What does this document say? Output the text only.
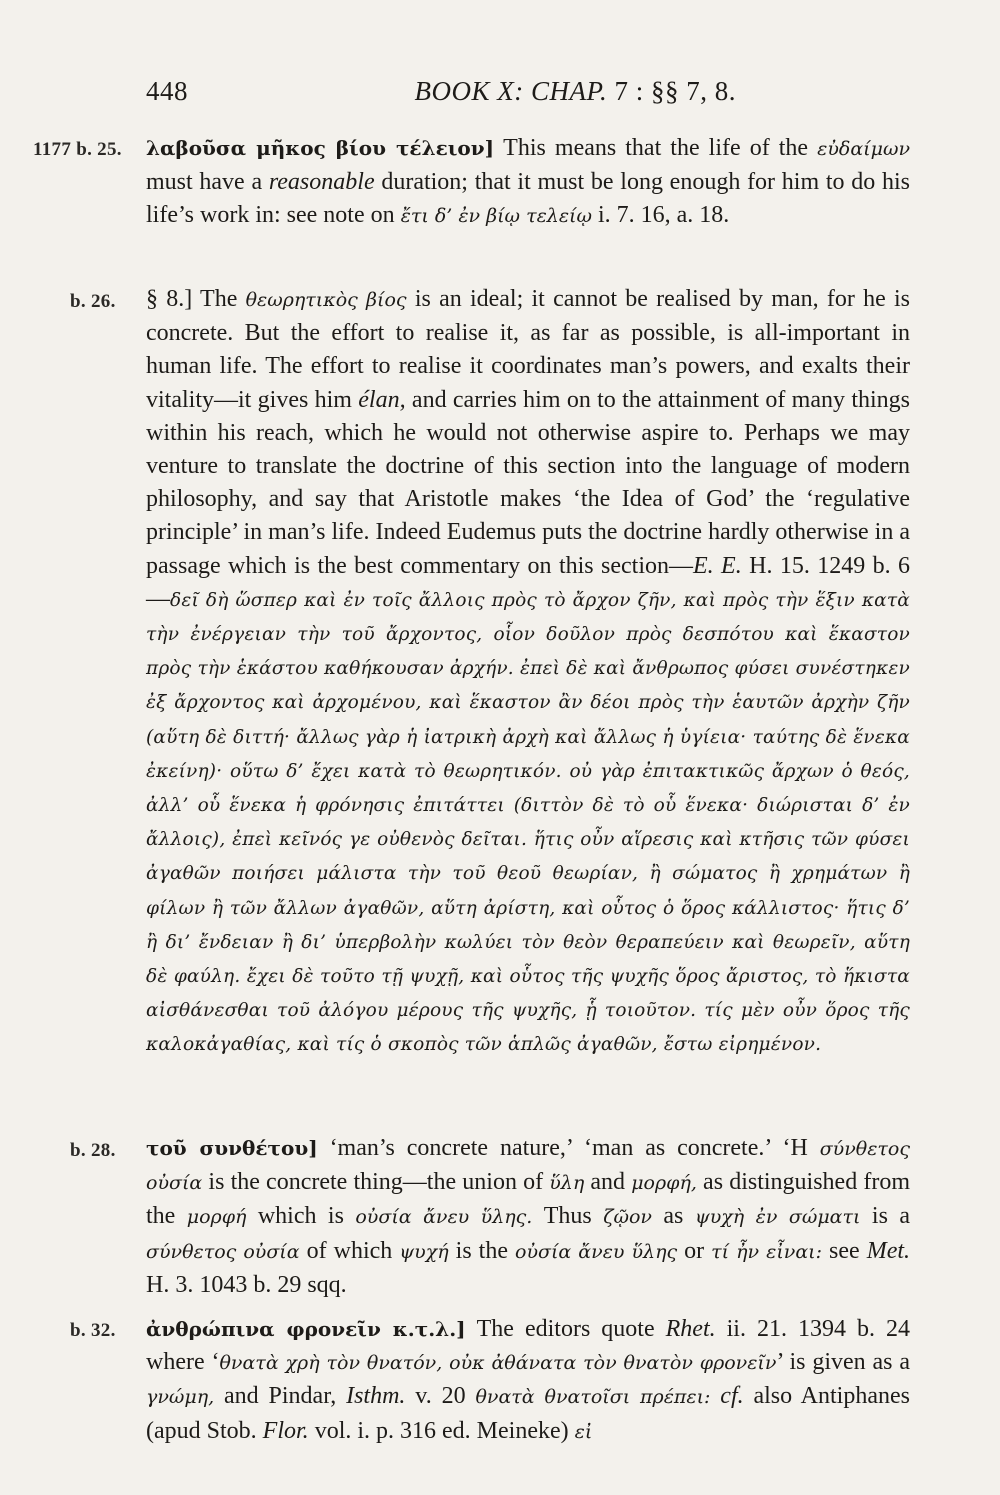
448	BOOK X: CHAP. 7 : §§ 7, 8.
1177 b. 25. λαβοῦσα μῆκος βίου τέλειον] This means that the life of the εὐδαίμων must have a reasonable duration; that it must be long enough for him to do his life’s work in: see note on ἔτι δ’ ἐν βίῳ τελείῳ i. 7. 16, a. 18.
b. 26. § 8.] The θεωρητικὸς βίος is an ideal; it cannot be realised by man, for he is concrete. But the effort to realise it, as far as possible, is all-important in human life. The effort to realise it coordinates man’s powers, and exalts their vitality—it gives him élan, and carries him on to the attainment of many things within his reach, which he would not otherwise aspire to. Perhaps we may venture to translate the doctrine of this section into the language of modern philosophy, and say that Aristotle makes ‘the Idea of God’ the ‘regulative principle’ in man’s life. Indeed Eudemus puts the doctrine hardly otherwise in a passage which is the best commentary on this section—E. E. H. 15. 1249 b. 6—δεῖ δὴ ὥσπερ καὶ ἐν τοῖς ἄλλοις πρὸς τὸ ἄρχον ζῆν, καὶ πρὸς τὴν ἕξιν κατὰ τὴν ἐνέργειαν τὴν τοῦ ἄρχοντος, οἷον δοῦλον πρὸς δεσπότου καὶ ἕκαστον πρὸς τὴν ἑκάστου καθήκουσαν ἀρχήν. ἐπεὶ δὲ καὶ ἄνθρωπος φύσει συνέστηκεν ἐξ ἄρχοντος καὶ ἀρχομένου, καὶ ἕκαστον ἂν δέοι πρὸς τὴν ἑαυτῶν ἀρχὴν ζῆν (αὕτη δὲ διττή· ἄλλως γὰρ ἡ ἰατρικὴ ἀρχὴ καὶ ἄλλως ἡ ὑγίεια· ταύτης δὲ ἕνεκα ἐκείνη)· οὕτω δ’ ἔχει κατὰ τὸ θεωρητικόν. οὐ γὰρ ἐπιτακτικῶς ἄρχων ὁ θεός, ἀλλ’ οὗ ἕνεκα ἡ φρόνησις ἐπιτάττει (διττὸν δὲ τὸ οὗ ἕνεκα· διώρισται δ’ ἐν ἄλλοις), ἐπεὶ κεῖνός γε οὐθενὸς δεῖται. ἥτις οὖν αἵρεσις καὶ κτῆσις τῶν φύσει ἀγαθῶν ποιήσει μάλιστα τὴν τοῦ θεοῦ θεωρίαν, ἢ σώματος ἢ χρημάτων ἢ φίλων ἢ τῶν ἄλλων ἀγαθῶν, αὕτη ἀρίστη, καὶ οὗτος ὁ ὅρος κάλλιστος· ἥτις δ’ ἢ δι’ ἔνδειαν ἢ δι’ ὑπερβολὴν κωλύει τὸν θεὸν θεραπεύειν καὶ θεωρεῖν, αὕτη δὲ φαύλη. ἔχει δὲ τοῦτο τῇ ψυχῇ, καὶ οὗτος τῆς ψυχῆς ὅρος ἄριστος, τὸ ἥκιστα αἰσθάνεσθαι τοῦ ἀλόγου μέρους τῆς ψυχῆς, ᾗ τοιοῦτον. τίς μὲν οὖν ὅρος τῆς καλοκἀγαθίας, καὶ τίς ὁ σκοπὸς τῶν ἁπλῶς ἀγαθῶν, ἔστω εἰρημένον.
b. 28. τοῦ συνθέτου] ‘man’s concrete nature,’ ‘man as concrete.’ ‘H σύνθετος οὐσία is the concrete thing—the union of ὕλη and μορφή, as distinguished from the μορφή which is οὐσία ἄνευ ὕλης. Thus ζῷον as ψυχὴ ἐν σώματι is a σύνθετος οὐσία of which ψυχή is the οὐσία ἄνευ ὕλης or τί ἦν εἶναι: see Met. H. 3. 1043 b. 29 sqq.
b. 32. ἀνθρώπινα φρονεῖν κ.τ.λ.] The editors quote Rhet. ii. 21. 1394 b. 24 where ‘θνατὰ χρὴ τὸν θνατόν, οὐκ ἀθάνατα τὸν θνατὸν φρονεῖν’ is given as a γνώμη, and Pindar, Isthm. v. 20 θνατὰ θνατοῖσι πρέπει: cf. also Antiphanes (apud Stob. Flor. vol. i. p. 316 ed. Meineke) εἰ
